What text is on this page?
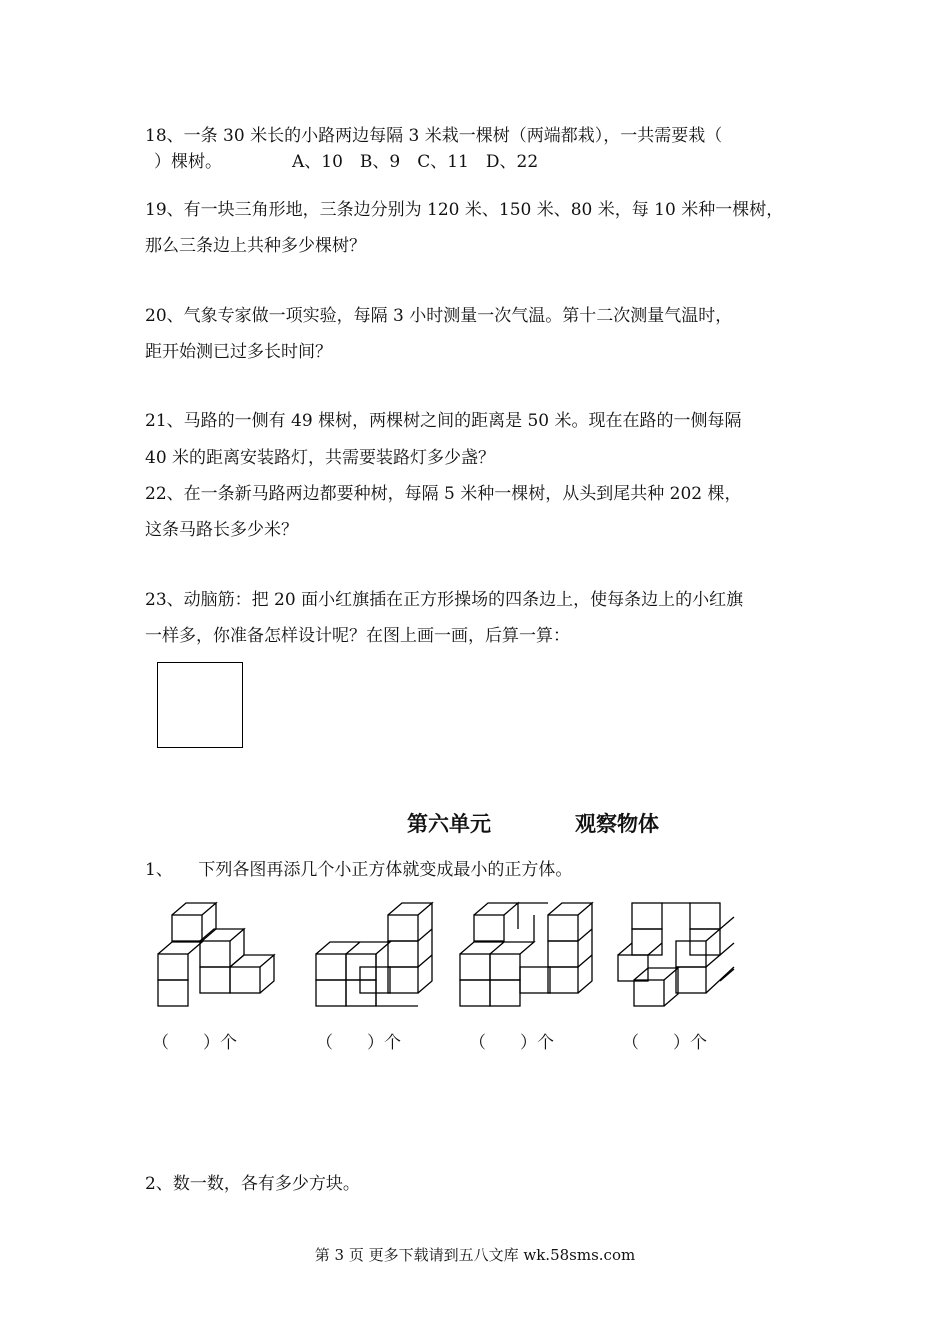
18、一条 30 米长的小路两边每隔 3 米栽一棵树（两端都栽），一共需要栽（
）棵树。	A、10　 B、9　 C、11　 D、22
19、有一块三角形地，三条边分别为 120 米、150 米、80 米，每 10 米种一棵树，
那么三条边上共种多少棵树？
20、气象专家做一项实验，每隔 3 小时测量一次气温。第十二次测量气温时，
距开始测已过多长时间？
21、马路的一侧有 49 棵树，两棵树之间的距离是 50 米。现在在路的一侧每隔
40 米的距离安装路灯，共需要装路灯多少盏？
22、在一条新马路两边都要种树，每隔 5 米种一棵树，从头到尾共种 202 棵，
这条马路长多少米？
23、动脑筋：把 20 面小红旗插在正方形操场的四条边上，使每条边上的小红旗
一样多，你准备怎样设计呢？在图上画一画，后算一算：
第六单元	观察物体
1、　　下列各图再添几个小正方体就变成最小的正方体。
（　　）个	（　　）个	（　　）个	（　　）个
2、数一数，各有多少方块。
第 3 页 更多下载请到五八文库 wk.58sms.com
